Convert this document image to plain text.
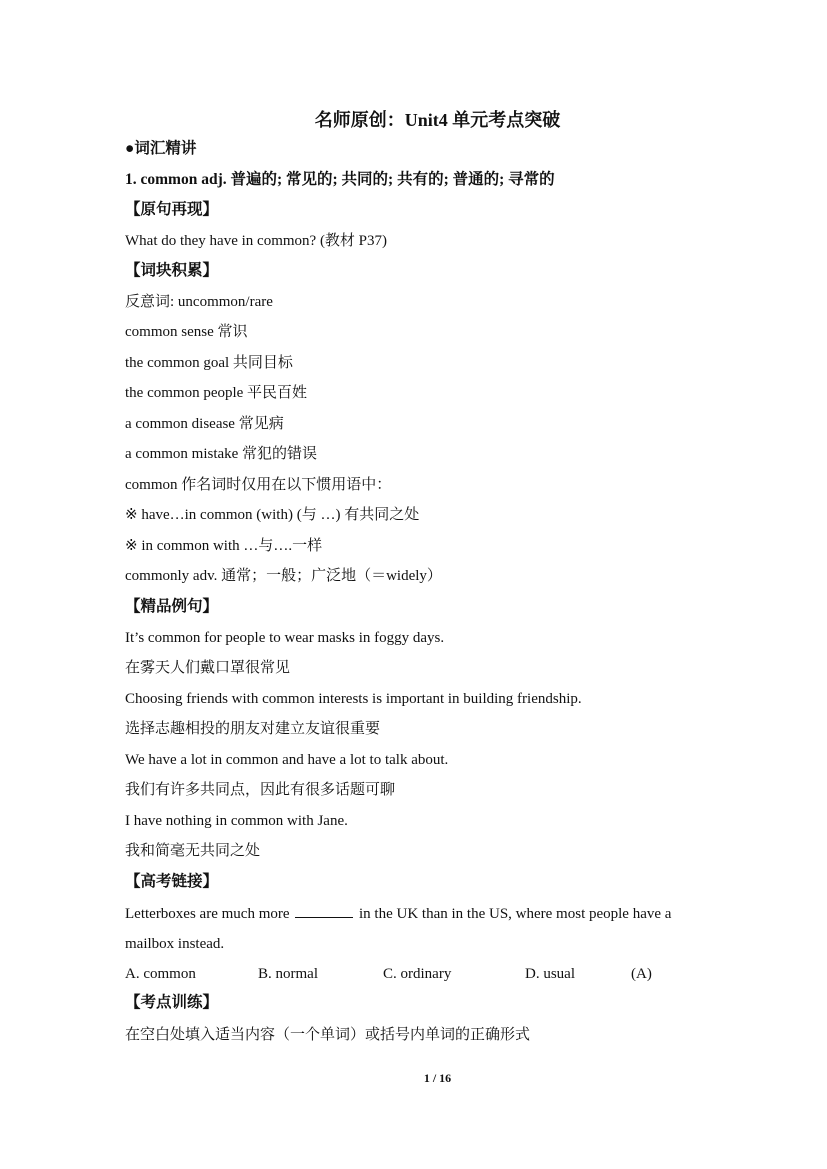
名师原创：Unit4 单元考点突破
●词汇精讲
1. common adj. 普遍的; 常见的; 共同的; 共有的; 普通的; 寻常的
【原句再现】
What do they have in common? (教材 P37)
【词块积累】
反意词: uncommon/rare
common sense 常识
the common goal 共同目标
the common people 平民百姓
a common disease 常见病
a common mistake 常犯的错误
common 作名词时仅用在以下惯用语中：
※ have…in common (with) (与 …) 有共同之处
※ in common with …与….一样
commonly adv. 通常；一般；广泛地（＝widely）
【精品例句】
It’s common for people to wear masks in foggy days.
在雾天人们戴口罩很常见
Choosing friends with common interests is important in building friendship.
选择志趣相投的朋友对建立友谊很重要
We have a lot in common and have a lot to talk about.
我们有许多共同点，因此有很多话题可聊
I have nothing in common with Jane.
我和简毫无共同之处
【高考链接】
Letterboxes are much more	in the UK than in the US, where most people have a
mailbox instead.
A. common	B. normal	C. ordinary	D. usual	(A)
【考点训练】
在空白处填入适当内容（一个单词）或括号内单词的正确形式
1 / 16
